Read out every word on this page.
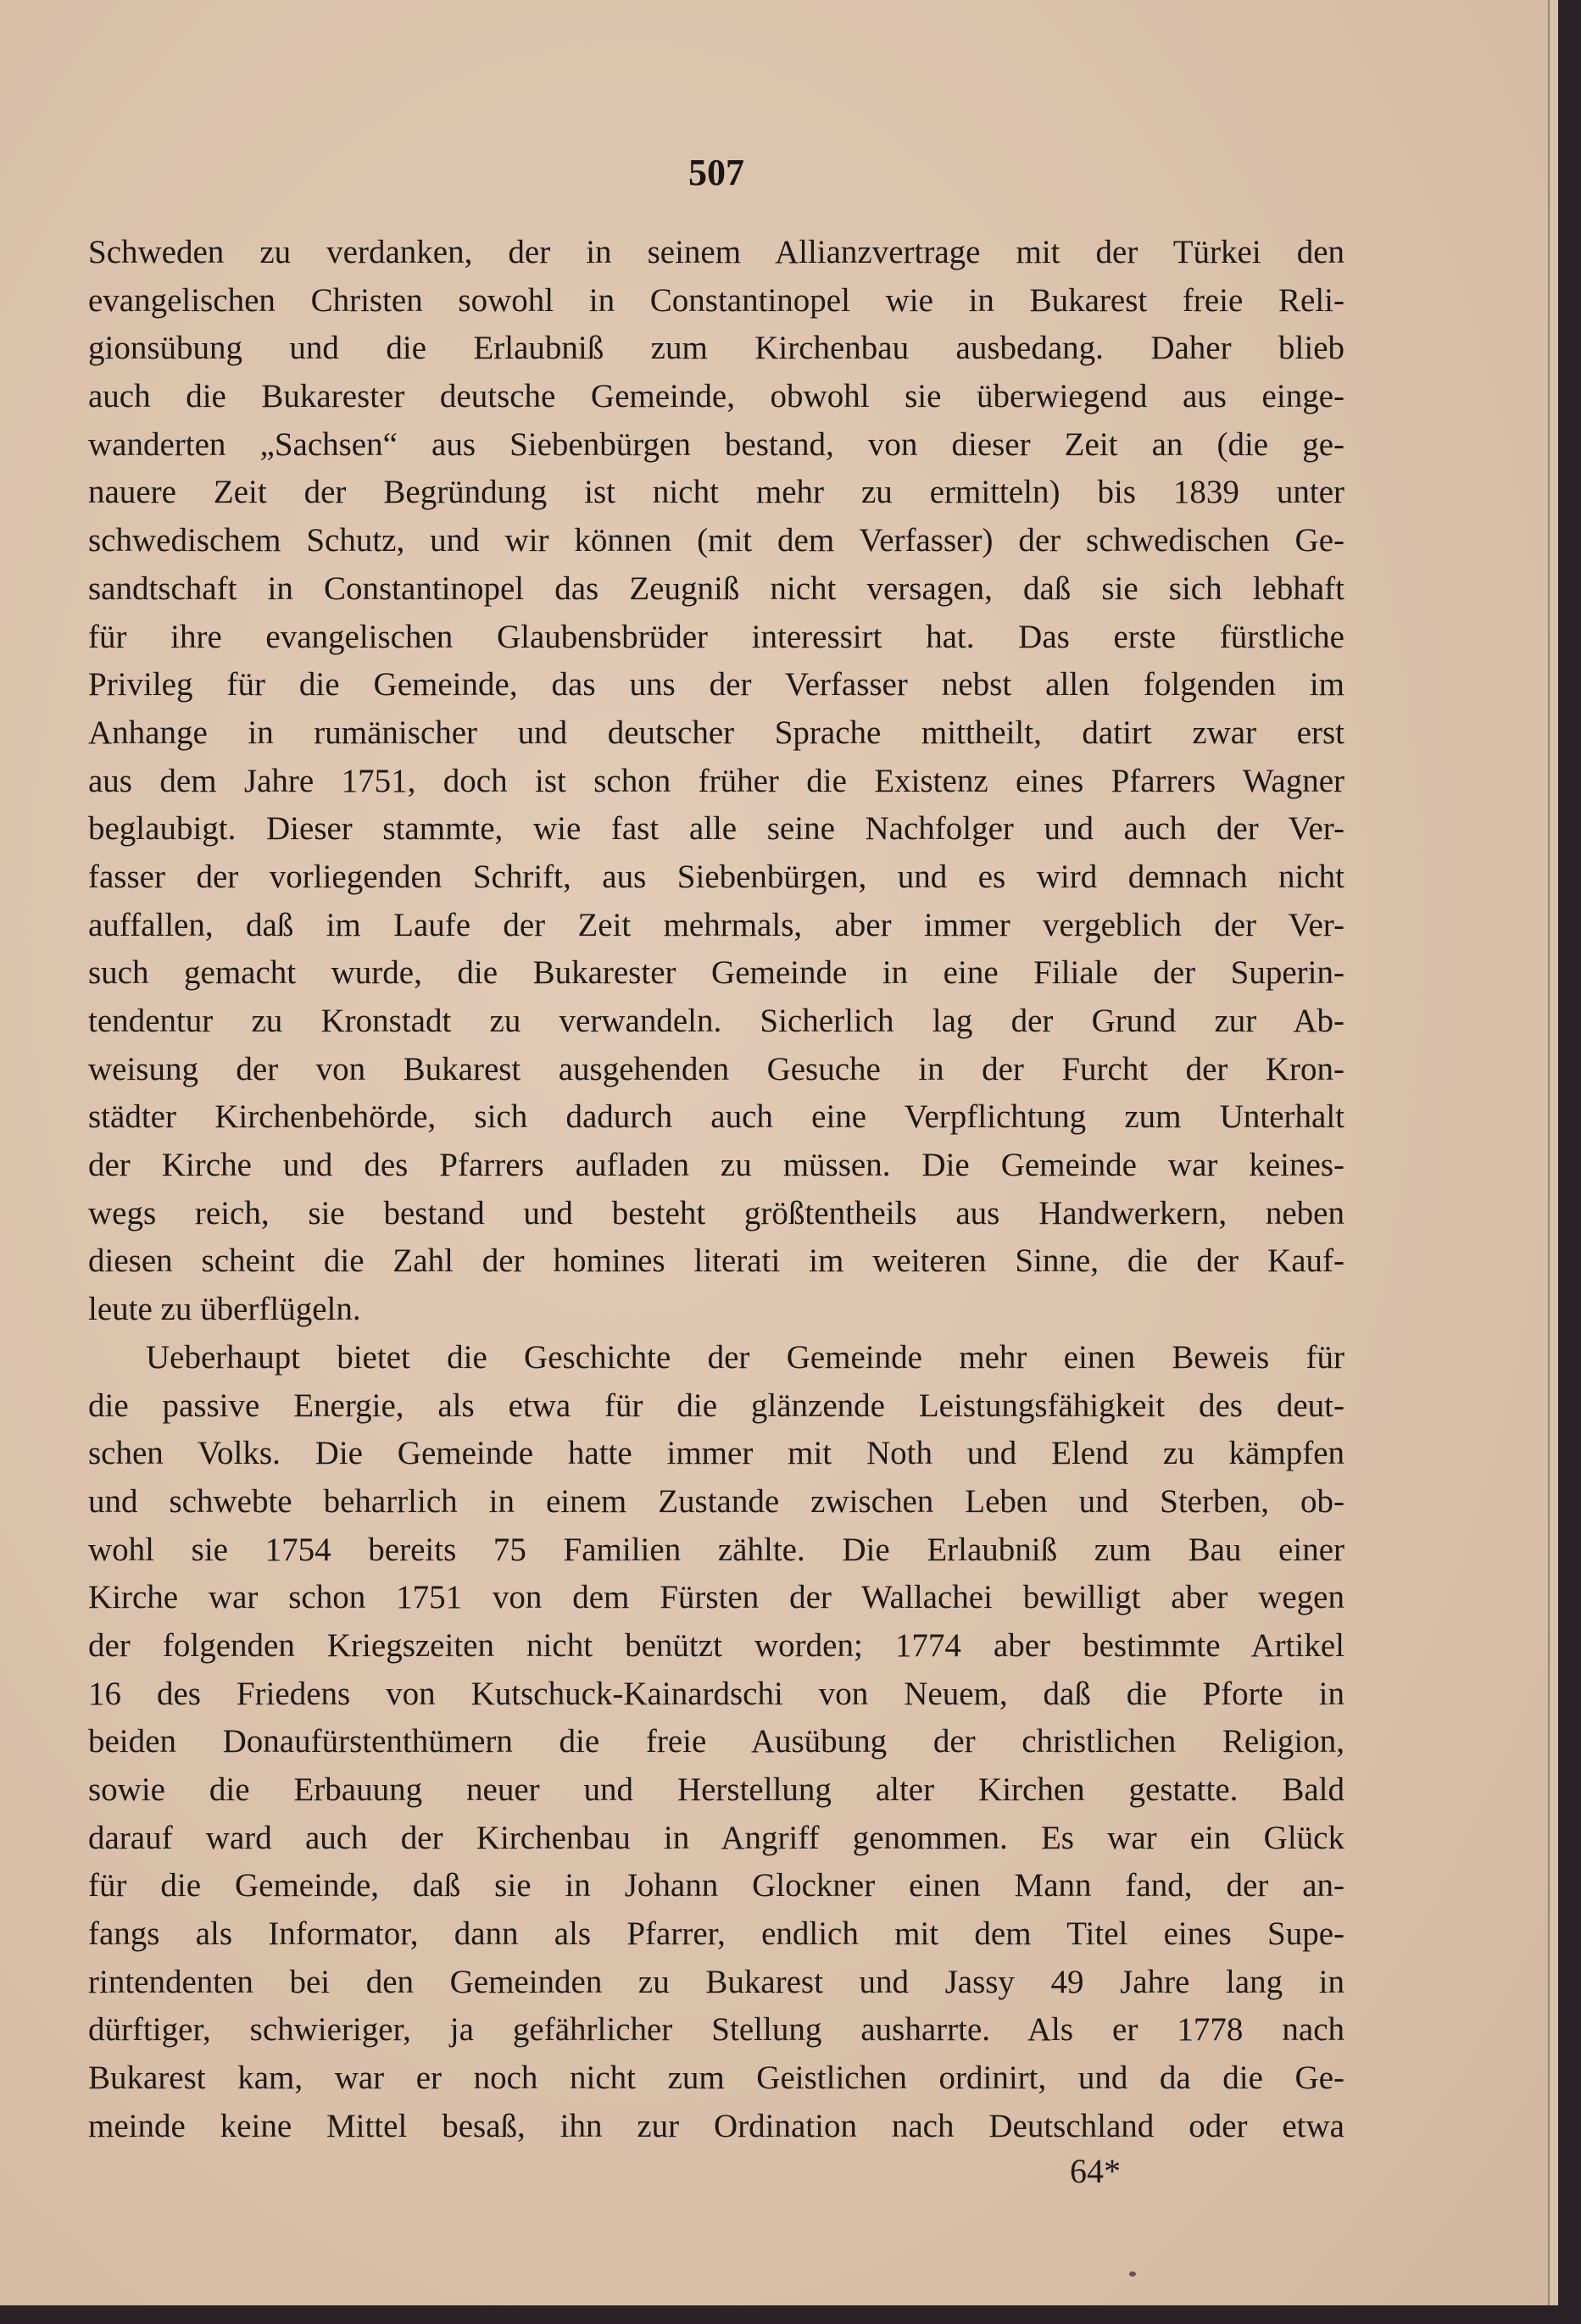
507
Schweden zu verdanken, der in seinem Allianzvertrage mit der Türkei den
evangelischen Christen sowohl in Constantinopel wie in Bukarest freie Reli-
gionsübung und die Erlaubniß zum Kirchenbau ausbedang. Daher blieb
auch die Bukarester deutsche Gemeinde, obwohl sie überwiegend aus einge-
wanderten „Sachsen“ aus Siebenbürgen bestand, von dieser Zeit an (die ge-
nauere Zeit der Begründung ist nicht mehr zu ermitteln) bis 1839 unter
schwedischem Schutz, und wir können (mit dem Verfasser) der schwedischen Ge-
sandtschaft in Constantinopel das Zeugniß nicht versagen, daß sie sich lebhaft
für ihre evangelischen Glaubensbrüder interessirt hat. Das erste fürstliche
Privileg für die Gemeinde, das uns der Verfasser nebst allen folgenden im
Anhange in rumänischer und deutscher Sprache mittheilt, datirt zwar erst
aus dem Jahre 1751, doch ist schon früher die Existenz eines Pfarrers Wagner
beglaubigt. Dieser stammte, wie fast alle seine Nachfolger und auch der Ver-
fasser der vorliegenden Schrift, aus Siebenbürgen, und es wird demnach nicht
auffallen, daß im Laufe der Zeit mehrmals, aber immer vergeblich der Ver-
such gemacht wurde, die Bukarester Gemeinde in eine Filiale der Superin-
tendentur zu Kronstadt zu verwandeln. Sicherlich lag der Grund zur Ab-
weisung der von Bukarest ausgehenden Gesuche in der Furcht der Kron-
städter Kirchenbehörde, sich dadurch auch eine Verpflichtung zum Unterhalt
der Kirche und des Pfarrers aufladen zu müssen. Die Gemeinde war keines-
wegs reich, sie bestand und besteht größtentheils aus Handwerkern, neben
diesen scheint die Zahl der homines literati im weiteren Sinne, die der Kauf-
leute zu überflügeln.
Ueberhaupt bietet die Geschichte der Gemeinde mehr einen Beweis für
die passive Energie, als etwa für die glänzende Leistungsfähigkeit des deut-
schen Volks. Die Gemeinde hatte immer mit Noth und Elend zu kämpfen
und schwebte beharrlich in einem Zustande zwischen Leben und Sterben, ob-
wohl sie 1754 bereits 75 Familien zählte. Die Erlaubniß zum Bau einer
Kirche war schon 1751 von dem Fürsten der Wallachei bewilligt aber wegen
der folgenden Kriegszeiten nicht benützt worden; 1774 aber bestimmte Artikel
16 des Friedens von Kutschuck-Kainardschi von Neuem, daß die Pforte in
beiden Donaufürstenthümern die freie Ausübung der christlichen Religion,
sowie die Erbauung neuer und Herstellung alter Kirchen gestatte. Bald
darauf ward auch der Kirchenbau in Angriff genommen. Es war ein Glück
für die Gemeinde, daß sie in Johann Glockner einen Mann fand, der an-
fangs als Informator, dann als Pfarrer, endlich mit dem Titel eines Supe-
rintendenten bei den Gemeinden zu Bukarest und Jassy 49 Jahre lang in
dürftiger, schwieriger, ja gefährlicher Stellung ausharrte. Als er 1778 nach
Bukarest kam, war er noch nicht zum Geistlichen ordinirt, und da die Ge-
meinde keine Mittel besaß, ihn zur Ordination nach Deutschland oder etwa
64*
